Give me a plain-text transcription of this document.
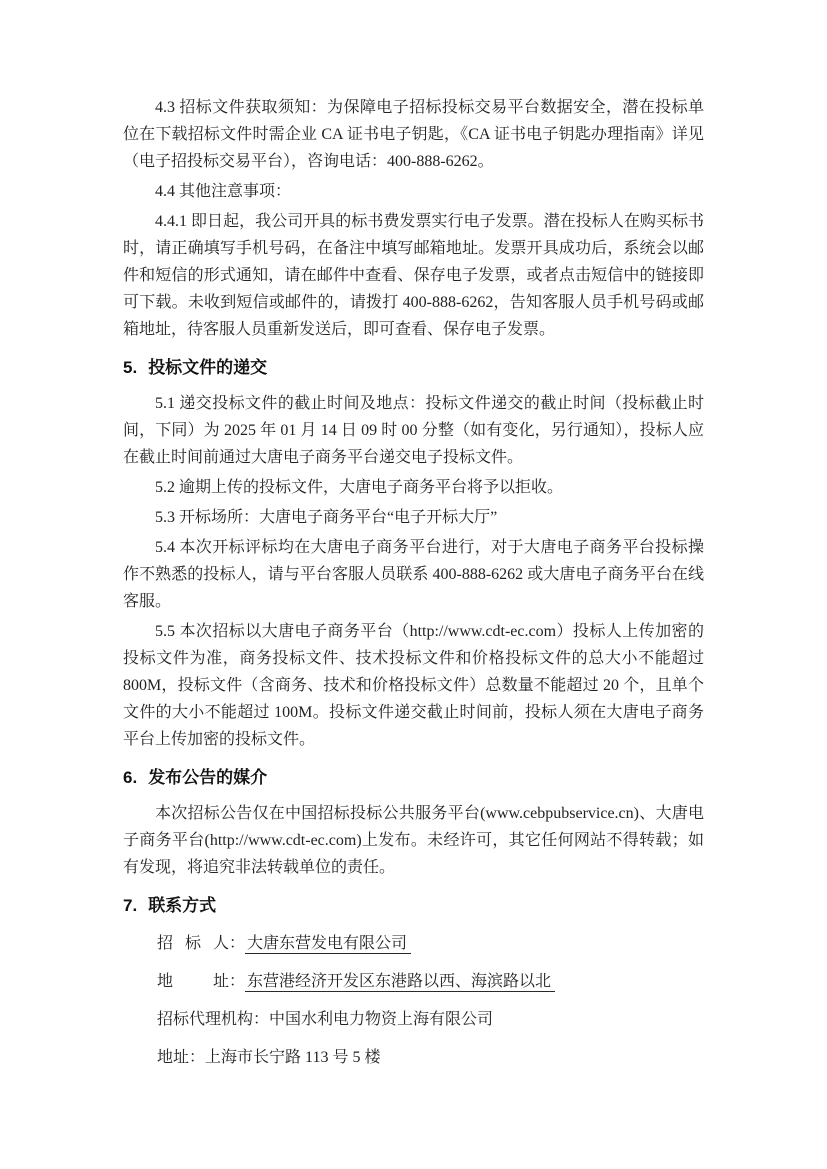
4.3 招标文件获取须知：为保障电子招标投标交易平台数据安全，潜在投标单位在下载招标文件时需企业 CA 证书电子钥匙，《CA 证书电子钥匙办理指南》详见（电子招投标交易平台），咨询电话：400-888-6262。

4.4 其他注意事项：

4.4.1 即日起，我公司开具的标书费发票实行电子发票。潜在投标人在购买标书时，请正确填写手机号码，在备注中填写邮箱地址。发票开具成功后，系统会以邮件和短信的形式通知，请在邮件中查看、保存电子发票，或者点击短信中的链接即可下载。未收到短信或邮件的，请拨打 400-888-6262，告知客服人员手机号码或邮箱地址，待客服人员重新发送后，即可查看、保存电子发票。

5. 投标文件的递交

5.1 递交投标文件的截止时间及地点：投标文件递交的截止时间（投标截止时间，下同）为 2025 年 01 月 14 日 09 时 00 分整（如有变化，另行通知），投标人应在截止时间前通过大唐电子商务平台递交电子投标文件。

5.2 逾期上传的投标文件，大唐电子商务平台将予以拒收。

5.3 开标场所：大唐电子商务平台“电子开标大厅”

5.4 本次开标评标均在大唐电子商务平台进行，对于大唐电子商务平台投标操作不熟悉的投标人，请与平台客服人员联系 400-888-6262 或大唐电子商务平台在线客服。

5.5 本次招标以大唐电子商务平台（http://www.cdt-ec.com）投标人上传加密的投标文件为准，商务投标文件、技术投标文件和价格投标文件的总大小不能超过 800M，投标文件（含商务、技术和价格投标文件）总数量不能超过 20 个，且单个文件的大小不能超过 100M。投标文件递交截止时间前，投标人须在大唐电子商务平台上传加密的投标文件。

6. 发布公告的媒介

本次招标公告仅在中国招标投标公共服务平台(www.cebpubservice.cn)、大唐电子商务平台(http://www.cdt-ec.com)上发布。未经许可，其它任何网站不得转载；如有发现，将追究非法转载单位的责任。

7. 联系方式
招 标 人： 大唐东营发电有限公司
地 址： 东营港经济开发区东港路以西、海滨路以北
招标代理机构：中国水利电力物资上海有限公司
地址：上海市长宁路 113 号 5 楼
